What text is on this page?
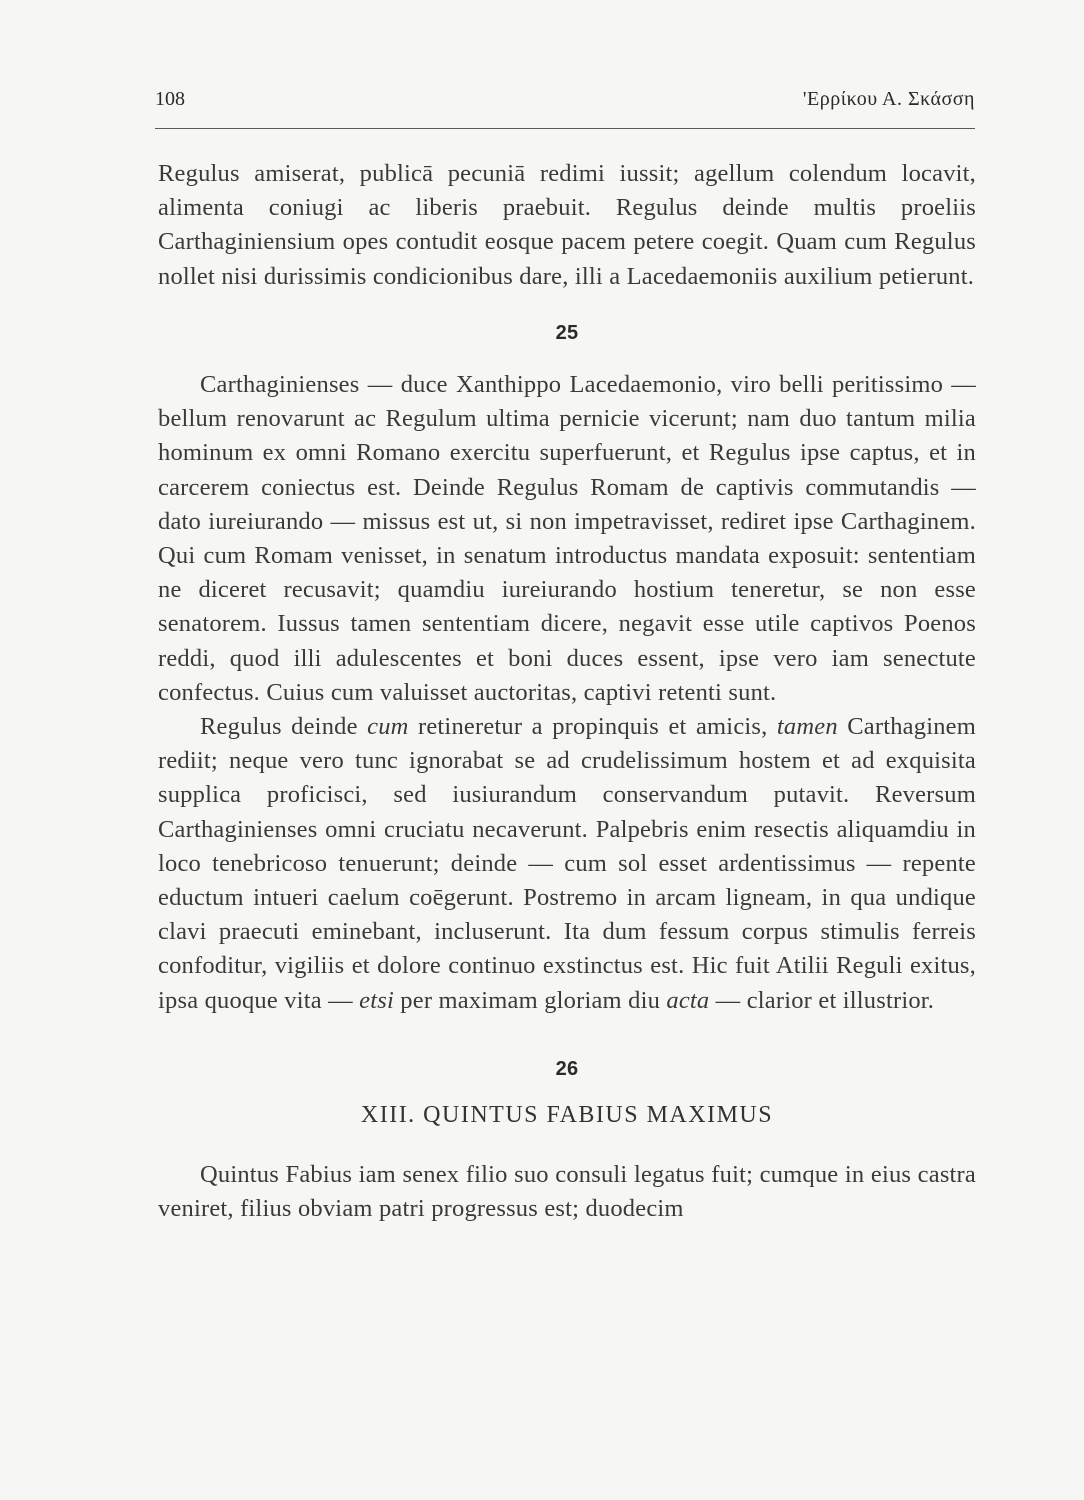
108	'Ερρίκου Α. Σκάσση

Regulus amiserat, publicā pecuniā redimi iussit; agellum colendum locavit, alimenta coniugi ac liberis praebuit. Regulus deinde multis proeliis Carthaginiensium opes contudit eosque pacem petere coegit. Quam cum Regulus nollet nisi durissimis condicionibus dare, illi a Lacedaemoniis auxilium petierunt.

25

Carthaginienses — duce Xanthippo Lacedaemonio, viro belli peritissimo — bellum renovarunt ac Regulum ultima pernicie vicerunt; nam duo tantum milia hominum ex omni Romano exercitu superfuerunt, et Regulus ipse captus, et in carcerem coniectus est. Deinde Regulus Romam de captivis commutandis — dato iureiurando — missus est ut, si non impetravisset, rediret ipse Carthaginem. Qui cum Romam venisset, in senatum introductus mandata exposuit: sententiam ne diceret recusavit; quamdiu iureiurando hostium teneretur, se non esse senatorem. Iussus tamen sententiam dicere, negavit esse utile captivos Poenos reddi, quod illi adulescentes et boni duces essent, ipse vero iam senectute confectus. Cuius cum valuisset auctoritas, captivi retenti sunt.

Regulus deinde cum retineretur a propinquis et amicis, tamen Carthaginem rediit; neque vero tunc ignorabat se ad crudelissimum hostem et ad exquisita supplica proficisci, sed iusiurandum conservandum putavit. Reversum Carthaginienses omni cruciatu necaverunt. Palpebris enim resectis aliquamdiu in loco tenebricoso tenuerunt; deinde — cum sol esset ardentissimus — repente eductum intueri caelum coēgerunt. Postremo in arcam ligneam, in qua undique clavi praecuti eminebant, incluserunt. Ita dum fessum corpus stimulis ferreis confoditur, vigiliis et dolore continuo exstinctus est. Hic fuit Atilii Reguli exitus, ipsa quoque vita — etsi per maximam gloriam diu acta — clarior et illustrior.

26
XIII. QUINTUS FABIUS MAXIMUS

Quintus Fabius iam senex filio suo consuli legatus fuit; cumque in eius castra veniret, filius obviam patri progressus est; duodecim
